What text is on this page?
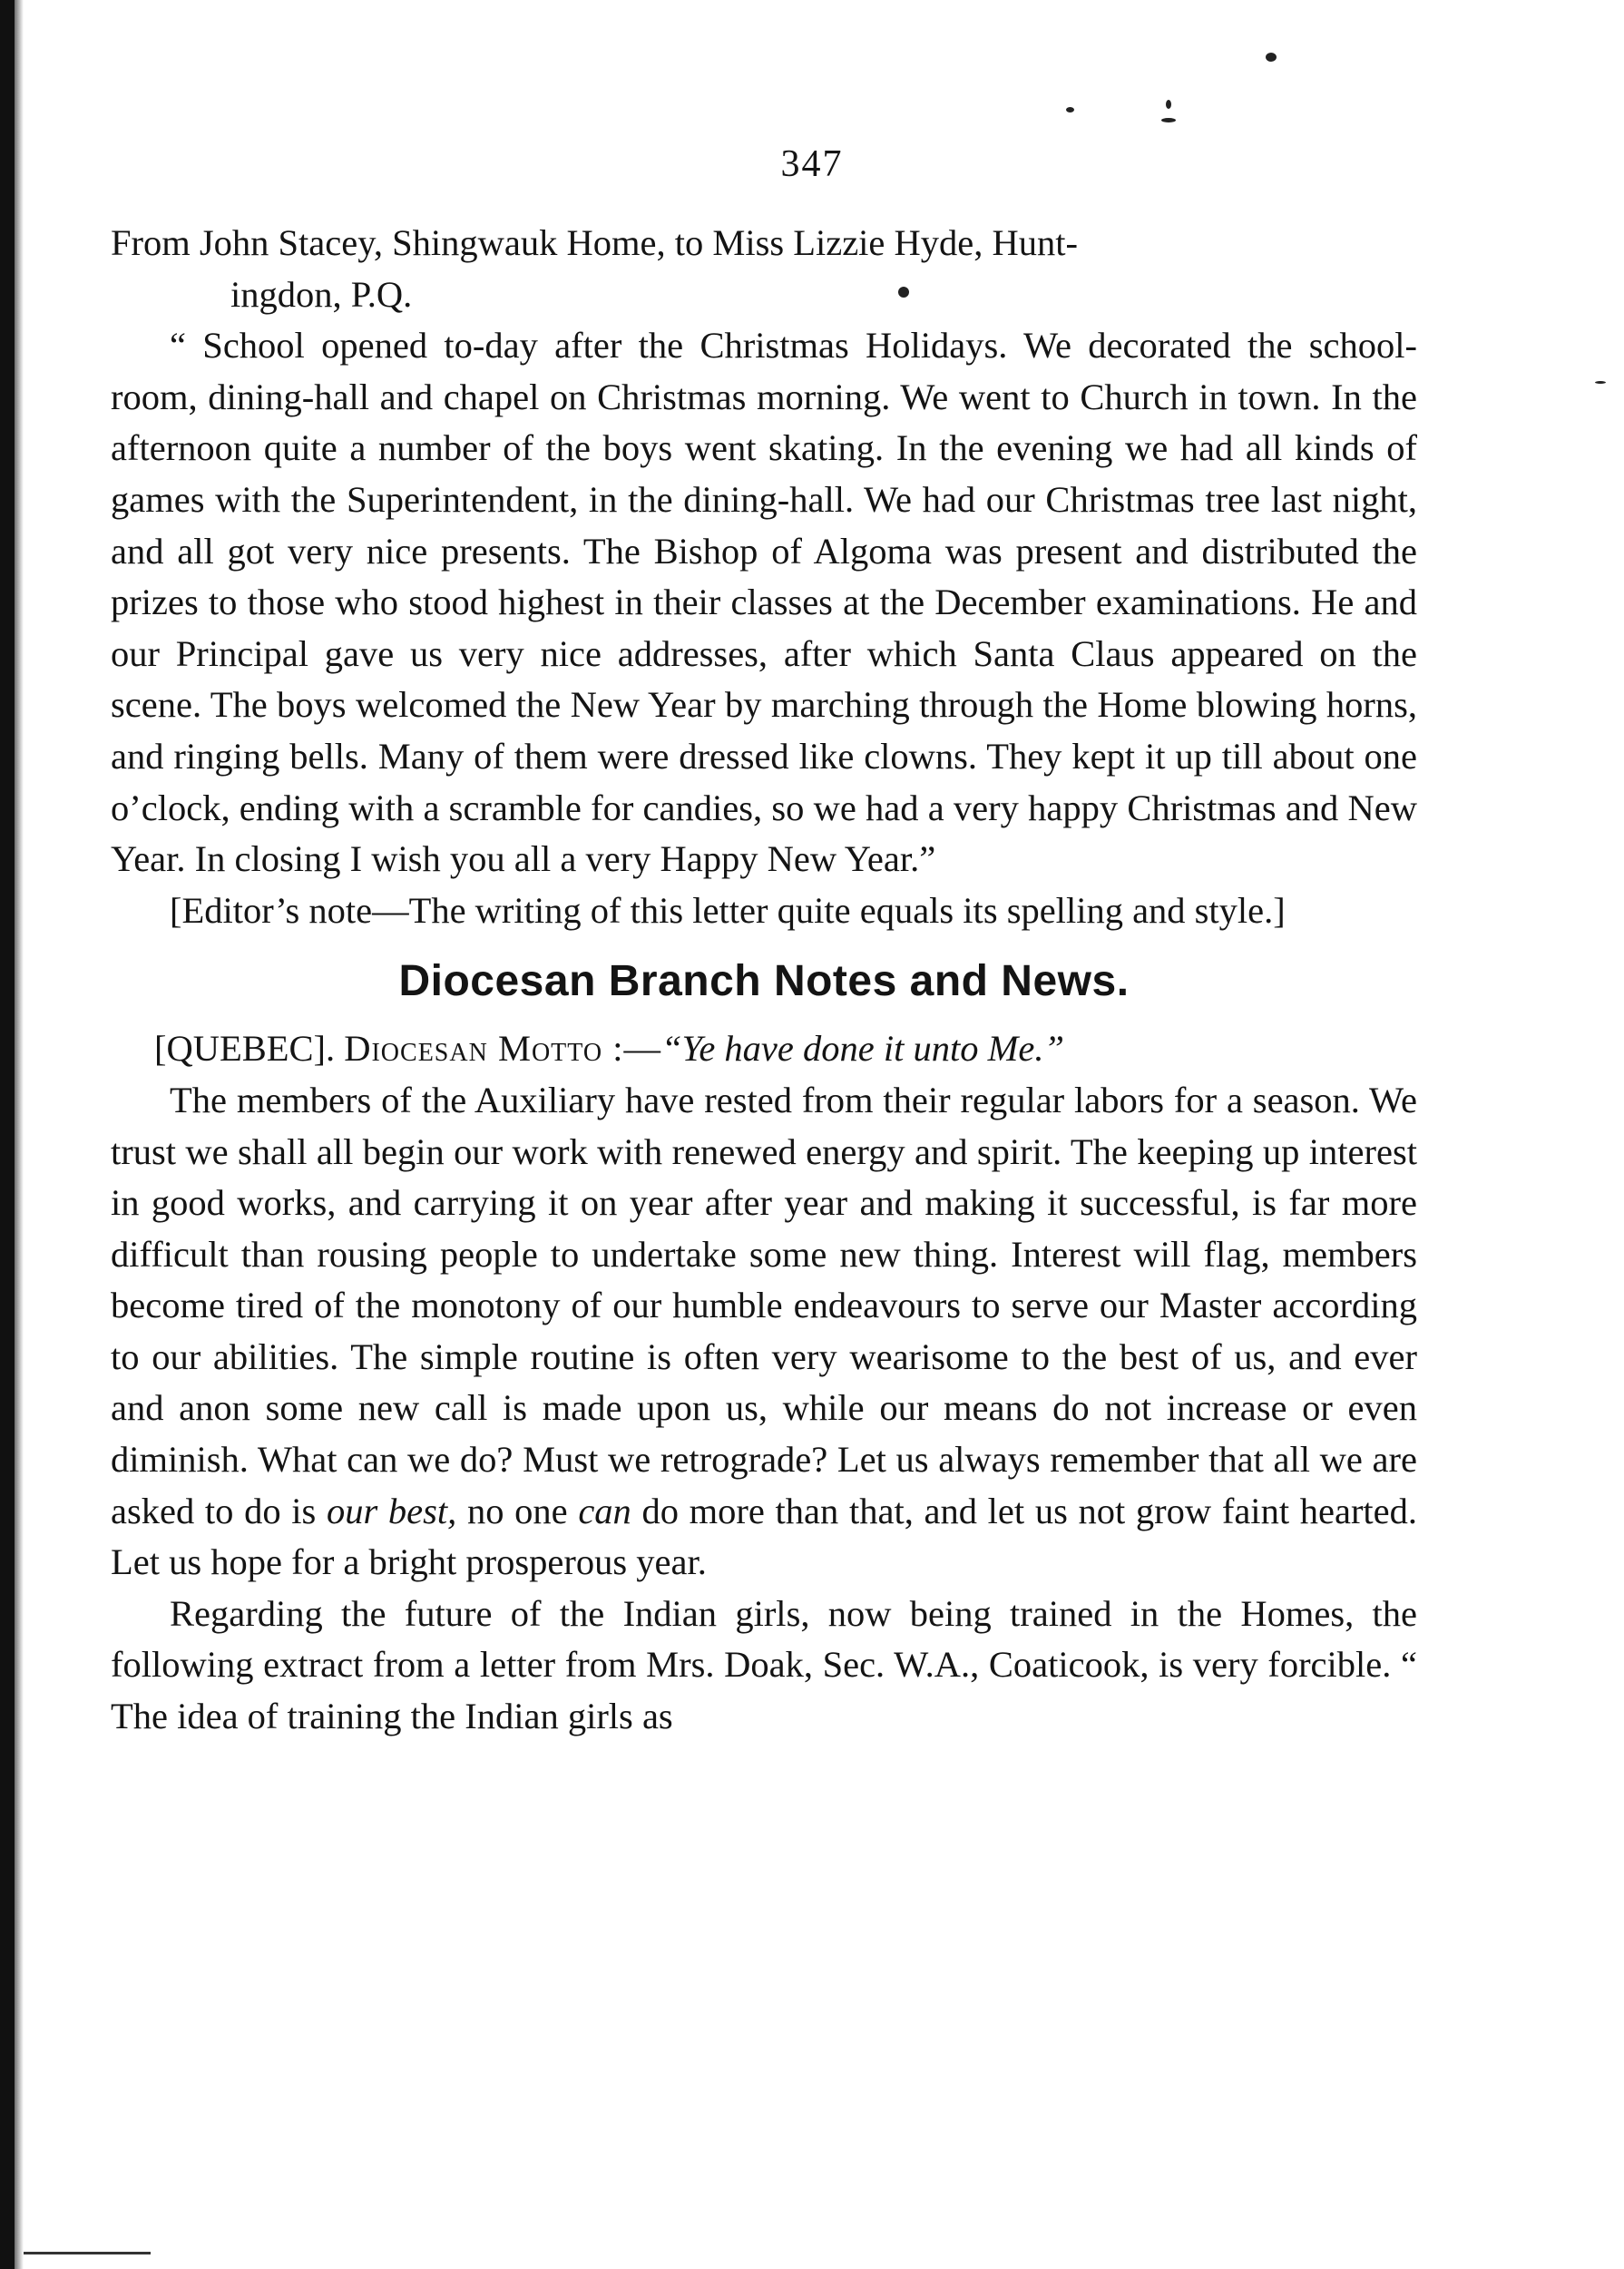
347

From John Stacey, Shingwauk Home, to Miss Lizzie Hyde, Hunt-
ingdon, P.Q.

“ School opened to-day after the Christmas Holidays. We decorated the school-room, dining-hall and chapel on Christmas morning. We went to Church in town. In the afternoon quite a number of the boys went skating. In the evening we had all kinds of games with the Superintendent, in the dining-hall. We had our Christmas tree last night, and all got very nice presents. The Bishop of Algoma was present and distributed the prizes to those who stood highest in their classes at the December examinations. He and our Principal gave us very nice addresses, after which Santa Claus appeared on the scene. The boys welcomed the New Year by marching through the Home blowing horns, and ringing bells. Many of them were dressed like clowns. They kept it up till about one o’clock, ending with a scramble for candies, so we had a very happy Christmas and New Year. In closing I wish you all a very Happy New Year.”

[Editor’s note—The writing of this letter quite equals its spelling and style.]

Diocesan Branch Notes and News.

[QUEBEC]. Diocesan Motto :—“Ye have done it unto Me.”

The members of the Auxiliary have rested from their regular labors for a season. We trust we shall all begin our work with renewed energy and spirit. The keeping up interest in good works, and carrying it on year after year and making it successful, is far more difficult than rousing people to undertake some new thing. Interest will flag, members become tired of the monotony of our humble endeavours to serve our Master according to our abilities. The simple routine is often very wearisome to the best of us, and ever and anon some new call is made upon us, while our means do not increase or even diminish. What can we do? Must we retrograde? Let us always remember that all we are asked to do is our best, no one can do more than that, and let us not grow faint hearted. Let us hope for a bright prosperous year.

Regarding the future of the Indian girls, now being trained in the Homes, the following extract from a letter from Mrs. Doak, Sec. W.A., Coaticook, is very forcible. “ The idea of training the Indian girls as
